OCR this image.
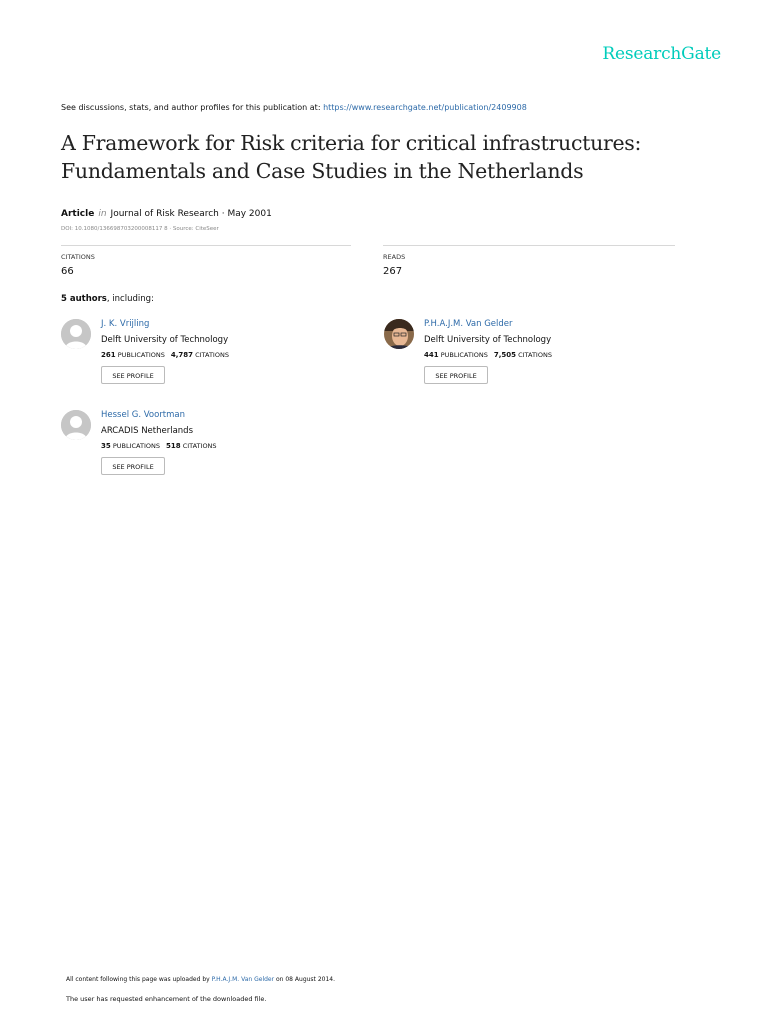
ResearchGate
See discussions, stats, and author profiles for this publication at: https://www.researchgate.net/publication/2409908
A Framework for Risk criteria for critical infrastructures:
Fundamentals and Case Studies in the Netherlands
Article in Journal of Risk Research · May 2001
DOI: 10.1080/136698703200008117 8 · Source: CiteSeer
CITATIONS
66
READS
267
5 authors, including:
J. K. Vrijling
Delft University of Technology
261 PUBLICATIONS 4,787 CITATIONS
SEE PROFILE
P.H.A.J.M. Van Gelder
Delft University of Technology
441 PUBLICATIONS 7,505 CITATIONS
SEE PROFILE
Hessel G. Voortman
ARCADIS Netherlands
35 PUBLICATIONS 518 CITATIONS
SEE PROFILE
All content following this page was uploaded by P.H.A.J.M. Van Gelder on 08 August 2014.
The user has requested enhancement of the downloaded file.
